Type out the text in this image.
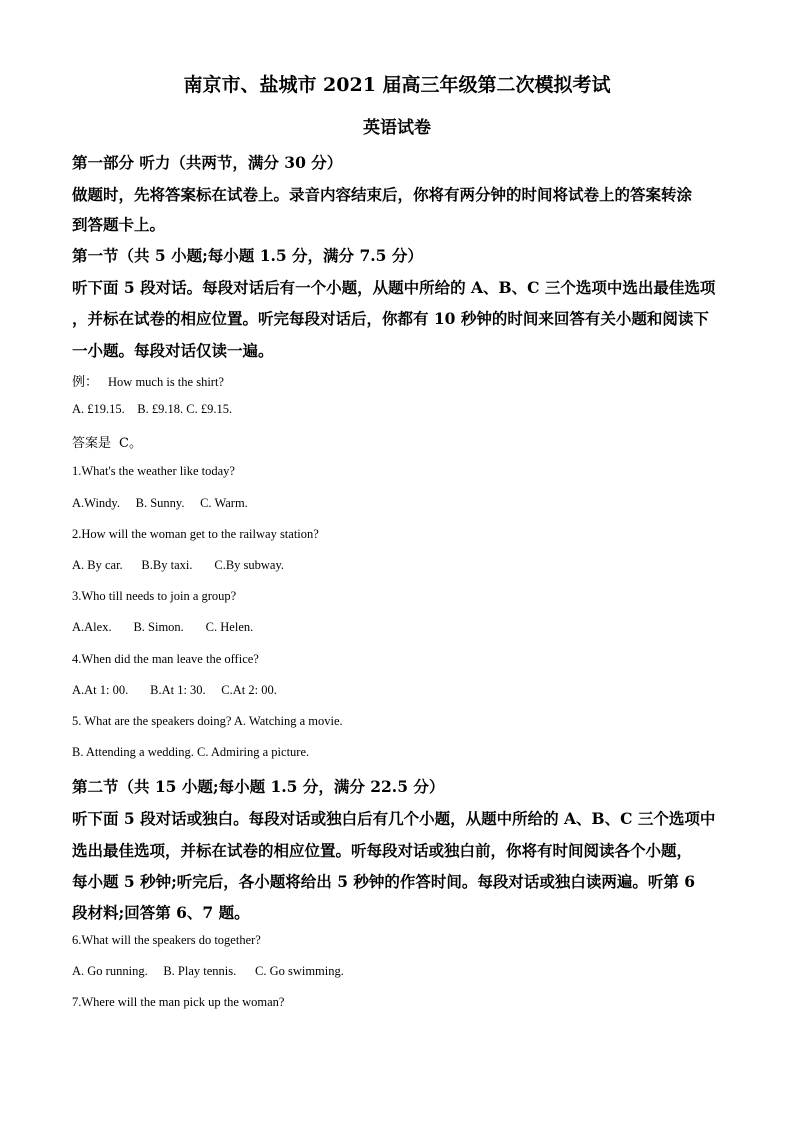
南京市、盐城市 2021 届高三年级第二次模拟考试
英语试卷
第一部分 听力（共两节，满分 30 分）
做题时，先将答案标在试卷上。录音内容结束后，你将有两分钟的时间将试卷上的答案转涂
到答题卡上。
第一节（共 5 小题;每小题 1.5 分，满分 7.5 分）
听下面 5 段对话。每段对话后有一个小题，从题中所给的 A、B、C 三个选项中选出最佳选项
，并标在试卷的相应位置。听完每段对话后，你都有 10 秒钟的时间来回答有关小题和阅读下
一小题。每段对话仅读一遍。
例： How much is the shirt?
A. £19.15.    B. £9.18. C. £9.15.
答案是 C。
1.What's the weather like today?
A.Windy.     B. Sunny.     C. Warm.
2.How will the woman get to the railway station?
A. By car.      B.By taxi.       C.By subway.
3.Who till needs to join a group?
A.Alex.       B. Simon.       C. Helen.
4.When did the man leave the office?
A.At 1: 00.       B.At 1: 30.     C.At 2: 00.
5. What are the speakers doing? A. Watching a movie.
B. Attending a wedding. C. Admiring a picture.
第二节（共 15 小题;每小题 1.5 分，满分 22.5 分）
听下面 5 段对话或独白。每段对话或独白后有几个小题，从题中所给的 A、B、C 三个选项中
选出最佳选项，并标在试卷的相应位置。听每段对话或独白前，你将有时间阅读各个小题，
每小题 5 秒钟;听完后，各小题将给出 5 秒钟的作答时间。每段对话或独白读两遍。听第 6
段材料;回答第 6、7 题。
6.What will the speakers do together?
A. Go running.     B. Play tennis.      C. Go swimming.
7.Where will the man pick up the woman?
